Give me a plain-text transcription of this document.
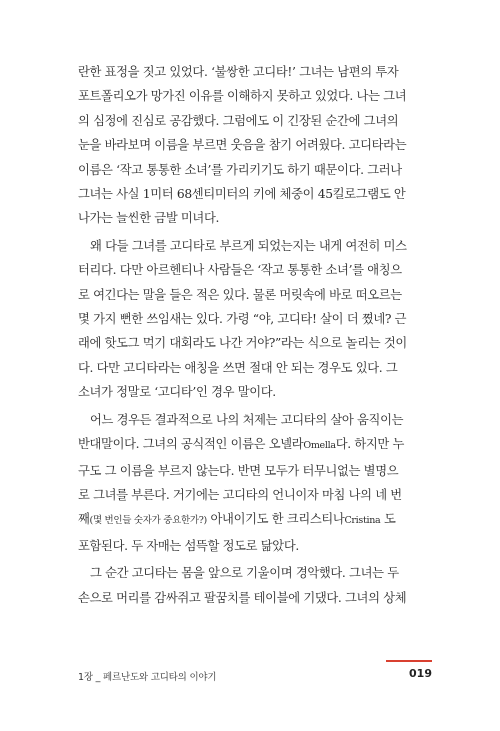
란한 표정을 짓고 있었다. ‘불쌍한 고디타!’ 그녀는 남편의 투자
포트폴리오가 망가진 이유를 이해하지 못하고 있었다. 나는 그녀
의 심정에 진심로 공감했다. 그럼에도 이 긴장된 순간에 그녀의
눈을 바라보며 이름을 부르면 웃음을 참기 어려웠다. 고디타라는
이름은 ‘작고 통통한 소녀’를 가리키기도 하기 때문이다. 그러나
그녀는 사실 1미터 68센티미터의 키에 체중이 45킬로그램도 안
나가는 늘씬한 금발 미녀다.
왜 다들 그녀를 고디타로 부르게 되었는지는 내게 여전히 미스
터리다. 다만 아르헨티나 사람들은 ‘작고 통통한 소녀’를 애칭으
로 여긴다는 말을 들은 적은 있다. 물론 머릿속에 바로 떠오르는
몇 가지 뻔한 쓰임새는 있다. 가령 “야, 고디타! 살이 더 쪘네? 근
래에 핫도그 먹기 대회라도 나간 거야?”라는 식으로 놀리는 것이
다. 다만 고디타라는 애칭을 쓰면 절대 안 되는 경우도 있다. 그
소녀가 정말로 ‘고디타’인 경우 말이다.
어느 경우든 결과적으로 나의 처제는 고디타의 살아 움직이는
반대말이다. 그녀의 공식적인 이름은 오넬라Omella다. 하지만 누
구도 그 이름을 부르지 않는다. 반면 모두가 터무니없는 별명으
로 그녀를 부른다. 거기에는 고디타의 언니이자 마침 나의 네 번
째(몇 번인들 숫자가 중요한가?) 아내이기도 한 크리스티나Cristina 도
포함된다. 두 자매는 섬뜩할 정도로 닮았다.
그 순간 고디타는 몸을 앞으로 기울이며 경악했다. 그녀는 두
손으로 머리를 감싸쥐고 팔꿈치를 테이블에 기댔다. 그녀의 상체
1장 _ 페르난도와 고디타의 이야기	019
